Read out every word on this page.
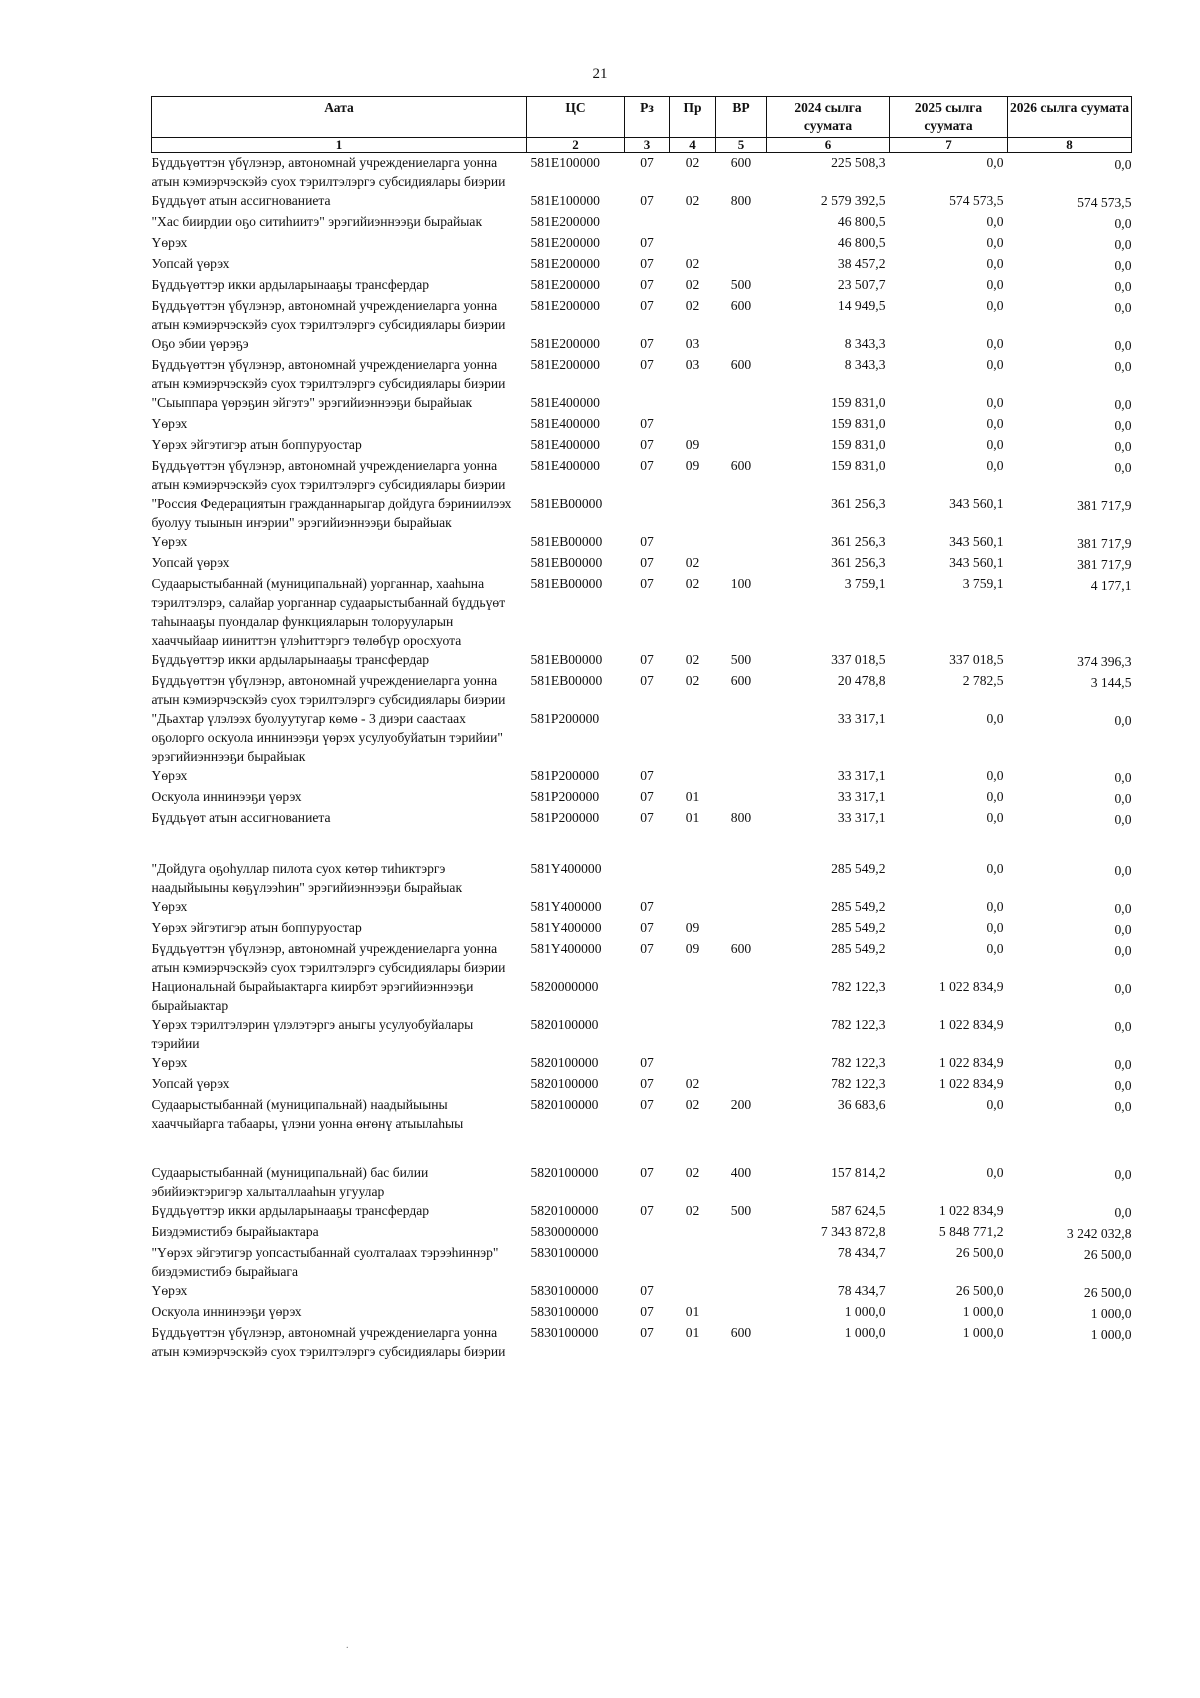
21
Аата	ЦС	Рз	Пр	ВР	2024 сылга суумата	2025 сылга суумата	2026 сылга суумата
1	2	3	4	5	6	7	8
Бүддьүөттэн үбүлэнэр, автономнай учреждениеларга уонна атын кэмиэрчэскэйэ суох тэрилтэлэргэ субсидиялары биэрии	581Е100000	07	02	600	225 508,3	0,0	0,0
Бүддьүөт атын ассигнованиета	581Е100000	07	02	800	2 579 392,5	574 573,5	574 573,5
"Хас биирдии оҕо ситиһиитэ" эрэгийиэннээҕи бырайыак	581Е200000				46 800,5	0,0	0,0
Үөрэх	581Е200000	07			46 800,5	0,0	0,0
Уопсай үөрэх	581Е200000	07	02		38 457,2	0,0	0,0
Бүддьүөттэр икки ардыларынааҕы трансфердар	581Е200000	07	02	500	23 507,7	0,0	0,0
Бүддьүөттэн үбүлэнэр, автономнай учреждениеларга уонна атын кэмиэрчэскэйэ суох тэрилтэлэргэ субсидиялары биэрии	581Е200000	07	02	600	14 949,5	0,0	0,0
Оҕо эбии үөрэҕэ	581Е200000	07	03		8 343,3	0,0	0,0
Бүддьүөттэн үбүлэнэр, автономнай учреждениеларга уонна атын кэмиэрчэскэйэ суох тэрилтэлэргэ субсидиялары биэрии	581Е200000	07	03	600	8 343,3	0,0	0,0
"Сыыппара үөрэҕин эйгэтэ" эрэгийиэннээҕи бырайыак	581Е400000				159 831,0	0,0	0,0
Үөрэх	581Е400000	07			159 831,0	0,0	0,0
Үөрэх эйгэтигэр атын боппуруостар	581Е400000	07	09		159 831,0	0,0	0,0
Бүддьүөттэн үбүлэнэр, автономнай учреждениеларга уонна атын кэмиэрчэскэйэ суох тэрилтэлэргэ субсидиялары биэрии	581Е400000	07	09	600	159 831,0	0,0	0,0
"Россия Федерациятын гражданнарыгар дойдуга бэриниилээх буолуу тыынын иҥэрии" эрэгийиэннээҕи бырайыак	581ЕВ00000				361 256,3	343 560,1	381 717,9
Үөрэх	581ЕВ00000	07			361 256,3	343 560,1	381 717,9
Уопсай үөрэх	581ЕВ00000	07	02		361 256,3	343 560,1	381 717,9
Судаарыстыбаннай (муниципальнай) уорганнар, хааһына тэрилтэлэрэ, салайар уорганнар судаарыстыбаннай бүддьүөт таһынааҕы пуондалар функцияларын толорууларын хааччыйаар ииниттэн үлэһиттэргэ төлөбүр оросхуота	581ЕВ00000	07	02	100	3 759,1	3 759,1	4 177,1
Бүддьүөттэр икки ардыларынааҕы трансфердар	581ЕВ00000	07	02	500	337 018,5	337 018,5	374 396,3
Бүддьүөттэн үбүлэнэр, автономнай учреждениеларга уонна атын кэмиэрчэскэйэ суох тэрилтэлэргэ субсидиялары биэрии	581ЕВ00000	07	02	600	20 478,8	2 782,5	3 144,5
"Дьахтар үлэлээх буолуутугар көмө - 3 диэри саастаах оҕолорго оскуола иннинээҕи үөрэх усулуобуйатын тэрийии" эрэгийиэннээҕи бырайыак	581Р200000				33 317,1	0,0	0,0
Үөрэх	581Р200000	07			33 317,1	0,0	0,0
Оскуола иннинээҕи үөрэх	581Р200000	07	01		33 317,1	0,0	0,0
Бүддьүөт атын ассигнованиета	581Р200000	07	01	800	33 317,1	0,0	0,0
"Дойдуга оҕоһуллар пилота суох көтөр тиһиктэргэ наадыйыыны көҕүлээһин" эрэгийиэннээҕи бырайыак	581Y400000				285 549,2	0,0	0,0
Үөрэх	581Y400000	07			285 549,2	0,0	0,0
Үөрэх эйгэтигэр атын боппуруостар	581Y400000	07	09		285 549,2	0,0	0,0
Бүддьүөттэн үбүлэнэр, автономнай учреждениеларга уонна атын кэмиэрчэскэйэ суох тэрилтэлэргэ субсидиялары биэрии	581Y400000	07	09	600	285 549,2	0,0	0,0
Национальнай бырайыактарга киирбэт эрэгийиэннээҕи бырайыактар	5820000000				782 122,3	1 022 834,9	0,0
Үөрэх тэрилтэлэрин үлэлэтэргэ аныгы усулуобуйалары тэрийии	5820100000				782 122,3	1 022 834,9	0,0
Үөрэх	5820100000	07			782 122,3	1 022 834,9	0,0
Уопсай үөрэх	5820100000	07	02		782 122,3	1 022 834,9	0,0
Судаарыстыбаннай (муниципальнай) наадыйыыны хааччыйарга табаары, үлэни уонна өҥөнү атыылаһыы	5820100000	07	02	200	36 683,6	0,0	0,0
Судаарыстыбаннай (муниципальнай) бас билии эбийиэктэригэр халыталлааһын угуулар	5820100000	07	02	400	157 814,2	0,0	0,0
Бүддьүөттэр икки ардыларынааҕы трансфердар	5820100000	07	02	500	587 624,5	1 022 834,9	0,0
Биэдэмистибэ бырайыактара	5830000000				7 343 872,8	5 848 771,2	3 242 032,8
"Үөрэх эйгэтигэр уопсастыбаннай суолталаах тэрээһиннэр" биэдэмистибэ бырайыага	5830100000				78 434,7	26 500,0	26 500,0
Үөрэх	5830100000	07			78 434,7	26 500,0	26 500,0
Оскуола иннинээҕи үөрэх	5830100000	07	01		1 000,0	1 000,0	1 000,0
Бүддьүөттэн үбүлэнэр, автономнай учреждениеларга уонна атын кэмиэрчэскэйэ суох тэрилтэлэргэ субсидиялары биэрии	5830100000	07	01	600	1 000,0	1 000,0	1 000,0
.
